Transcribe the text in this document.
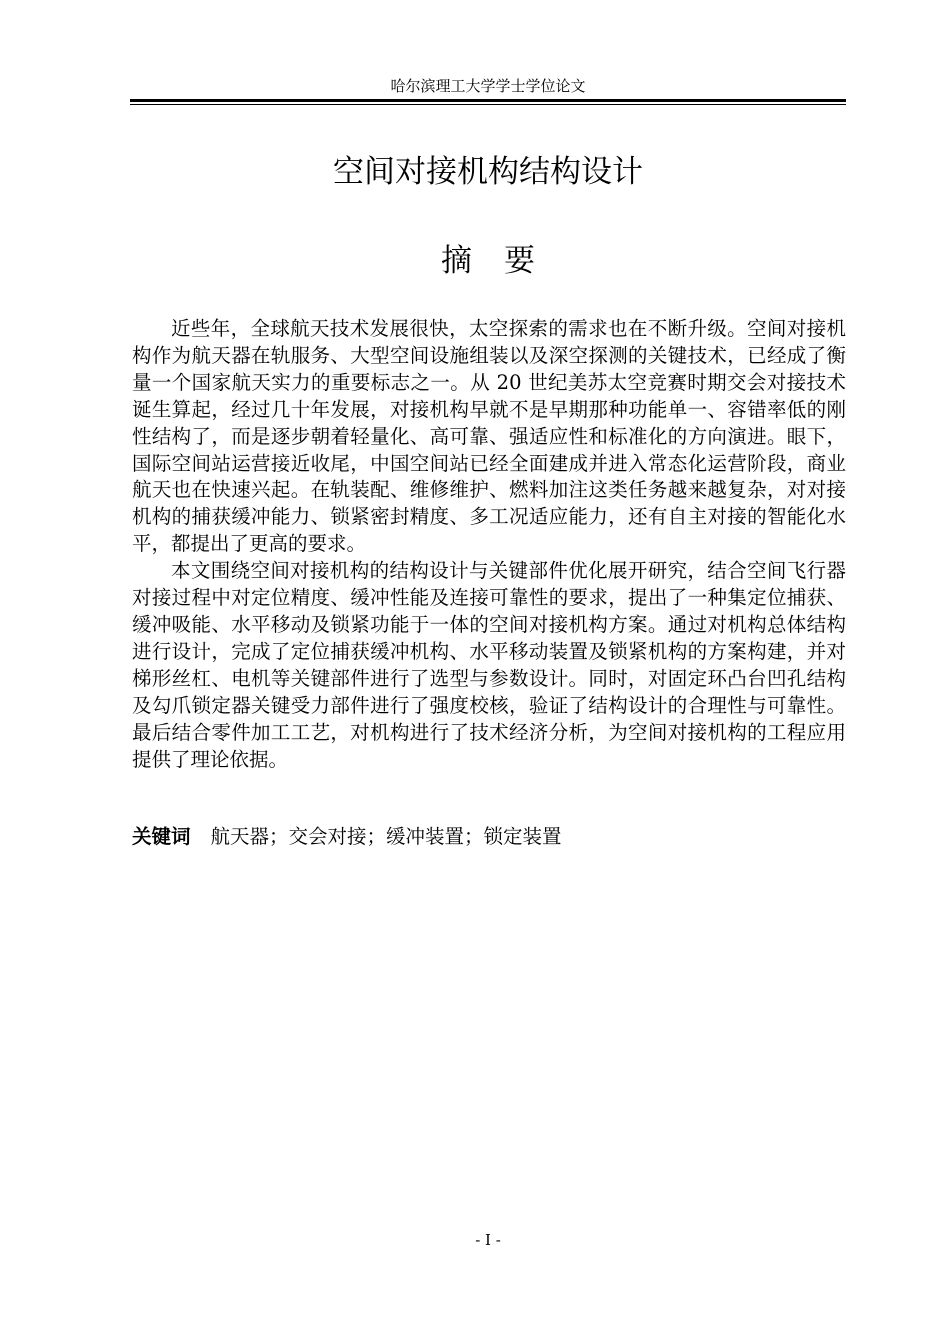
哈尔滨理工大学学士学位论文
空间对接机构结构设计
摘要

近些年，全球航天技术发展很快，太空探索的需求也在不断升级。空间对接机构作为航天器在轨服务、大型空间设施组装以及深空探测的关键技术，已经成了衡量一个国家航天实力的重要标志之一。从 20 世纪美苏太空竞赛时期交会对接技术诞生算起，经过几十年发展，对接机构早就不是早期那种功能单一、容错率低的刚性结构了，而是逐步朝着轻量化、高可靠、强适应性和标准化的方向演进。眼下，国际空间站运营接近收尾，中国空间站已经全面建成并进入常态化运营阶段，商业航天也在快速兴起。在轨装配、维修维护、燃料加注这类任务越来越复杂，对对接机构的捕获缓冲能力、锁紧密封精度、多工况适应能力，还有自主对接的智能化水平，都提出了更高的要求。

本文围绕空间对接机构的结构设计与关键部件优化展开研究，结合空间飞行器对接过程中对定位精度、缓冲性能及连接可靠性的要求，提出了一种集定位捕获、缓冲吸能、水平移动及锁紧功能于一体的空间对接机构方案。通过对机构总体结构进行设计，完成了定位捕获缓冲机构、水平移动装置及锁紧机构的方案构建，并对梯形丝杠、电机等关键部件进行了选型与参数设计。同时，对固定环凸台凹孔结构及勾爪锁定器关键受力部件进行了强度校核，验证了结构设计的合理性与可靠性。最后结合零件加工工艺，对机构进行了技术经济分析，为空间对接机构的工程应用提供了理论依据。

关键词 航天器；交会对接；缓冲装置；锁定装置
- I -
